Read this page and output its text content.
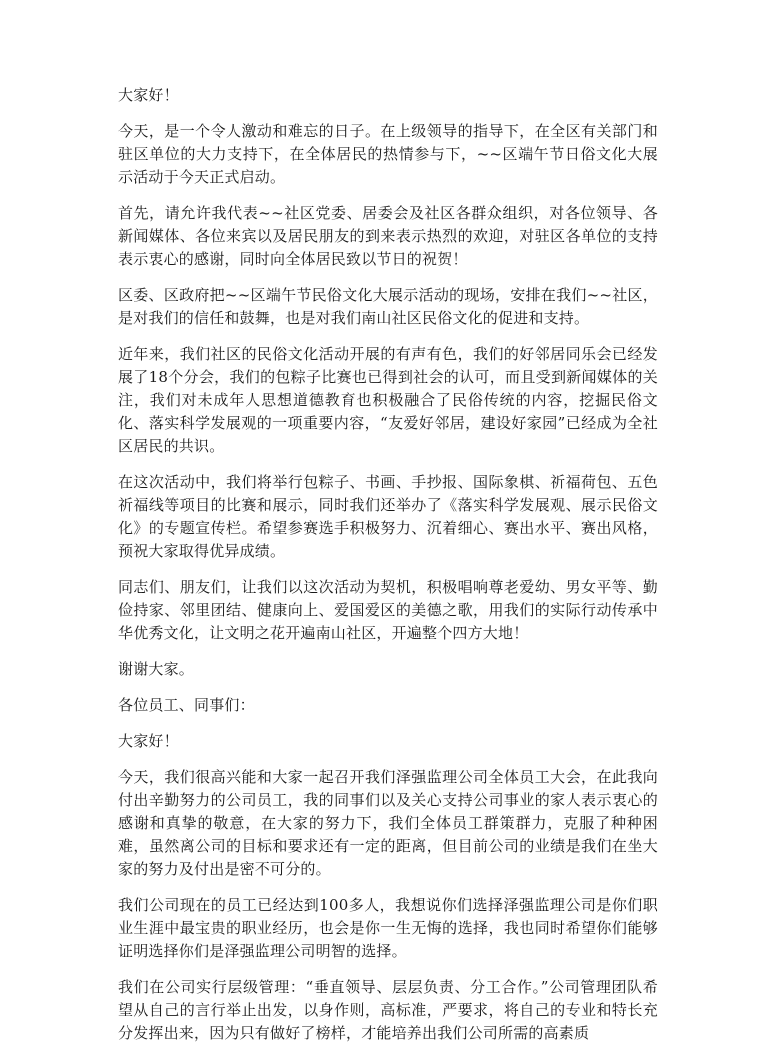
大家好！

今天，是一个令人激动和难忘的日子。在上级领导的指导下，在全区有关部门和驻区单位的大力支持下，在全体居民的热情参与下，~~区端午节日俗文化大展示活动于今天正式启动。

首先，请允许我代表~~社区党委、居委会及社区各群众组织，对各位领导、各新闻媒体、各位来宾以及居民朋友的到来表示热烈的欢迎，对驻区各单位的支持表示衷心的感谢，同时向全体居民致以节日的祝贺！

区委、区政府把~~区端午节民俗文化大展示活动的现场，安排在我们~~社区，是对我们的信任和鼓舞，也是对我们南山社区民俗文化的促进和支持。

近年来，我们社区的民俗文化活动开展的有声有色，我们的好邻居同乐会已经发展了18个分会，我们的包粽子比赛也已得到社会的认可，而且受到新闻媒体的关注，我们对未成年人思想道德教育也积极融合了民俗传统的内容，挖掘民俗文化、落实科学发展观的一项重要内容，“友爱好邻居，建设好家园”已经成为全社区居民的共识。

在这次活动中，我们将举行包粽子、书画、手抄报、国际象棋、祈福荷包、五色祈福线等项目的比赛和展示，同时我们还举办了《落实科学发展观、展示民俗文化》的专题宣传栏。希望参赛选手积极努力、沉着细心、赛出水平、赛出风格，预祝大家取得优异成绩。

同志们、朋友们，让我们以这次活动为契机，积极唱响尊老爱幼、男女平等、勤俭持家、邻里团结、健康向上、爱国爱区的美德之歌，用我们的实际行动传承中华优秀文化，让文明之花开遍南山社区，开遍整个四方大地！

谢谢大家。

各位员工、同事们：

大家好！

今天，我们很高兴能和大家一起召开我们泽强监理公司全体员工大会，在此我向付出辛勤努力的公司员工，我的同事们以及关心支持公司事业的家人表示衷心的感谢和真挚的敬意，在大家的努力下，我们全体员工群策群力，克服了种种困难，虽然离公司的目标和要求还有一定的距离，但目前公司的业绩是我们在坐大家的努力及付出是密不可分的。

我们公司现在的员工已经达到100多人，我想说你们选择泽强监理公司是你们职业生涯中最宝贵的职业经历，也会是你一生无悔的选择，我也同时希望你们能够证明选择你们是泽强监理公司明智的选择。

我们在公司实行层级管理：“垂直领导、层层负责、分工合作。”公司管理团队希望从自己的言行举止出发，以身作则，高标准，严要求，将自己的专业和特长充分发挥出来，因为只有做好了榜样，才能培养出我们公司所需的高素质
